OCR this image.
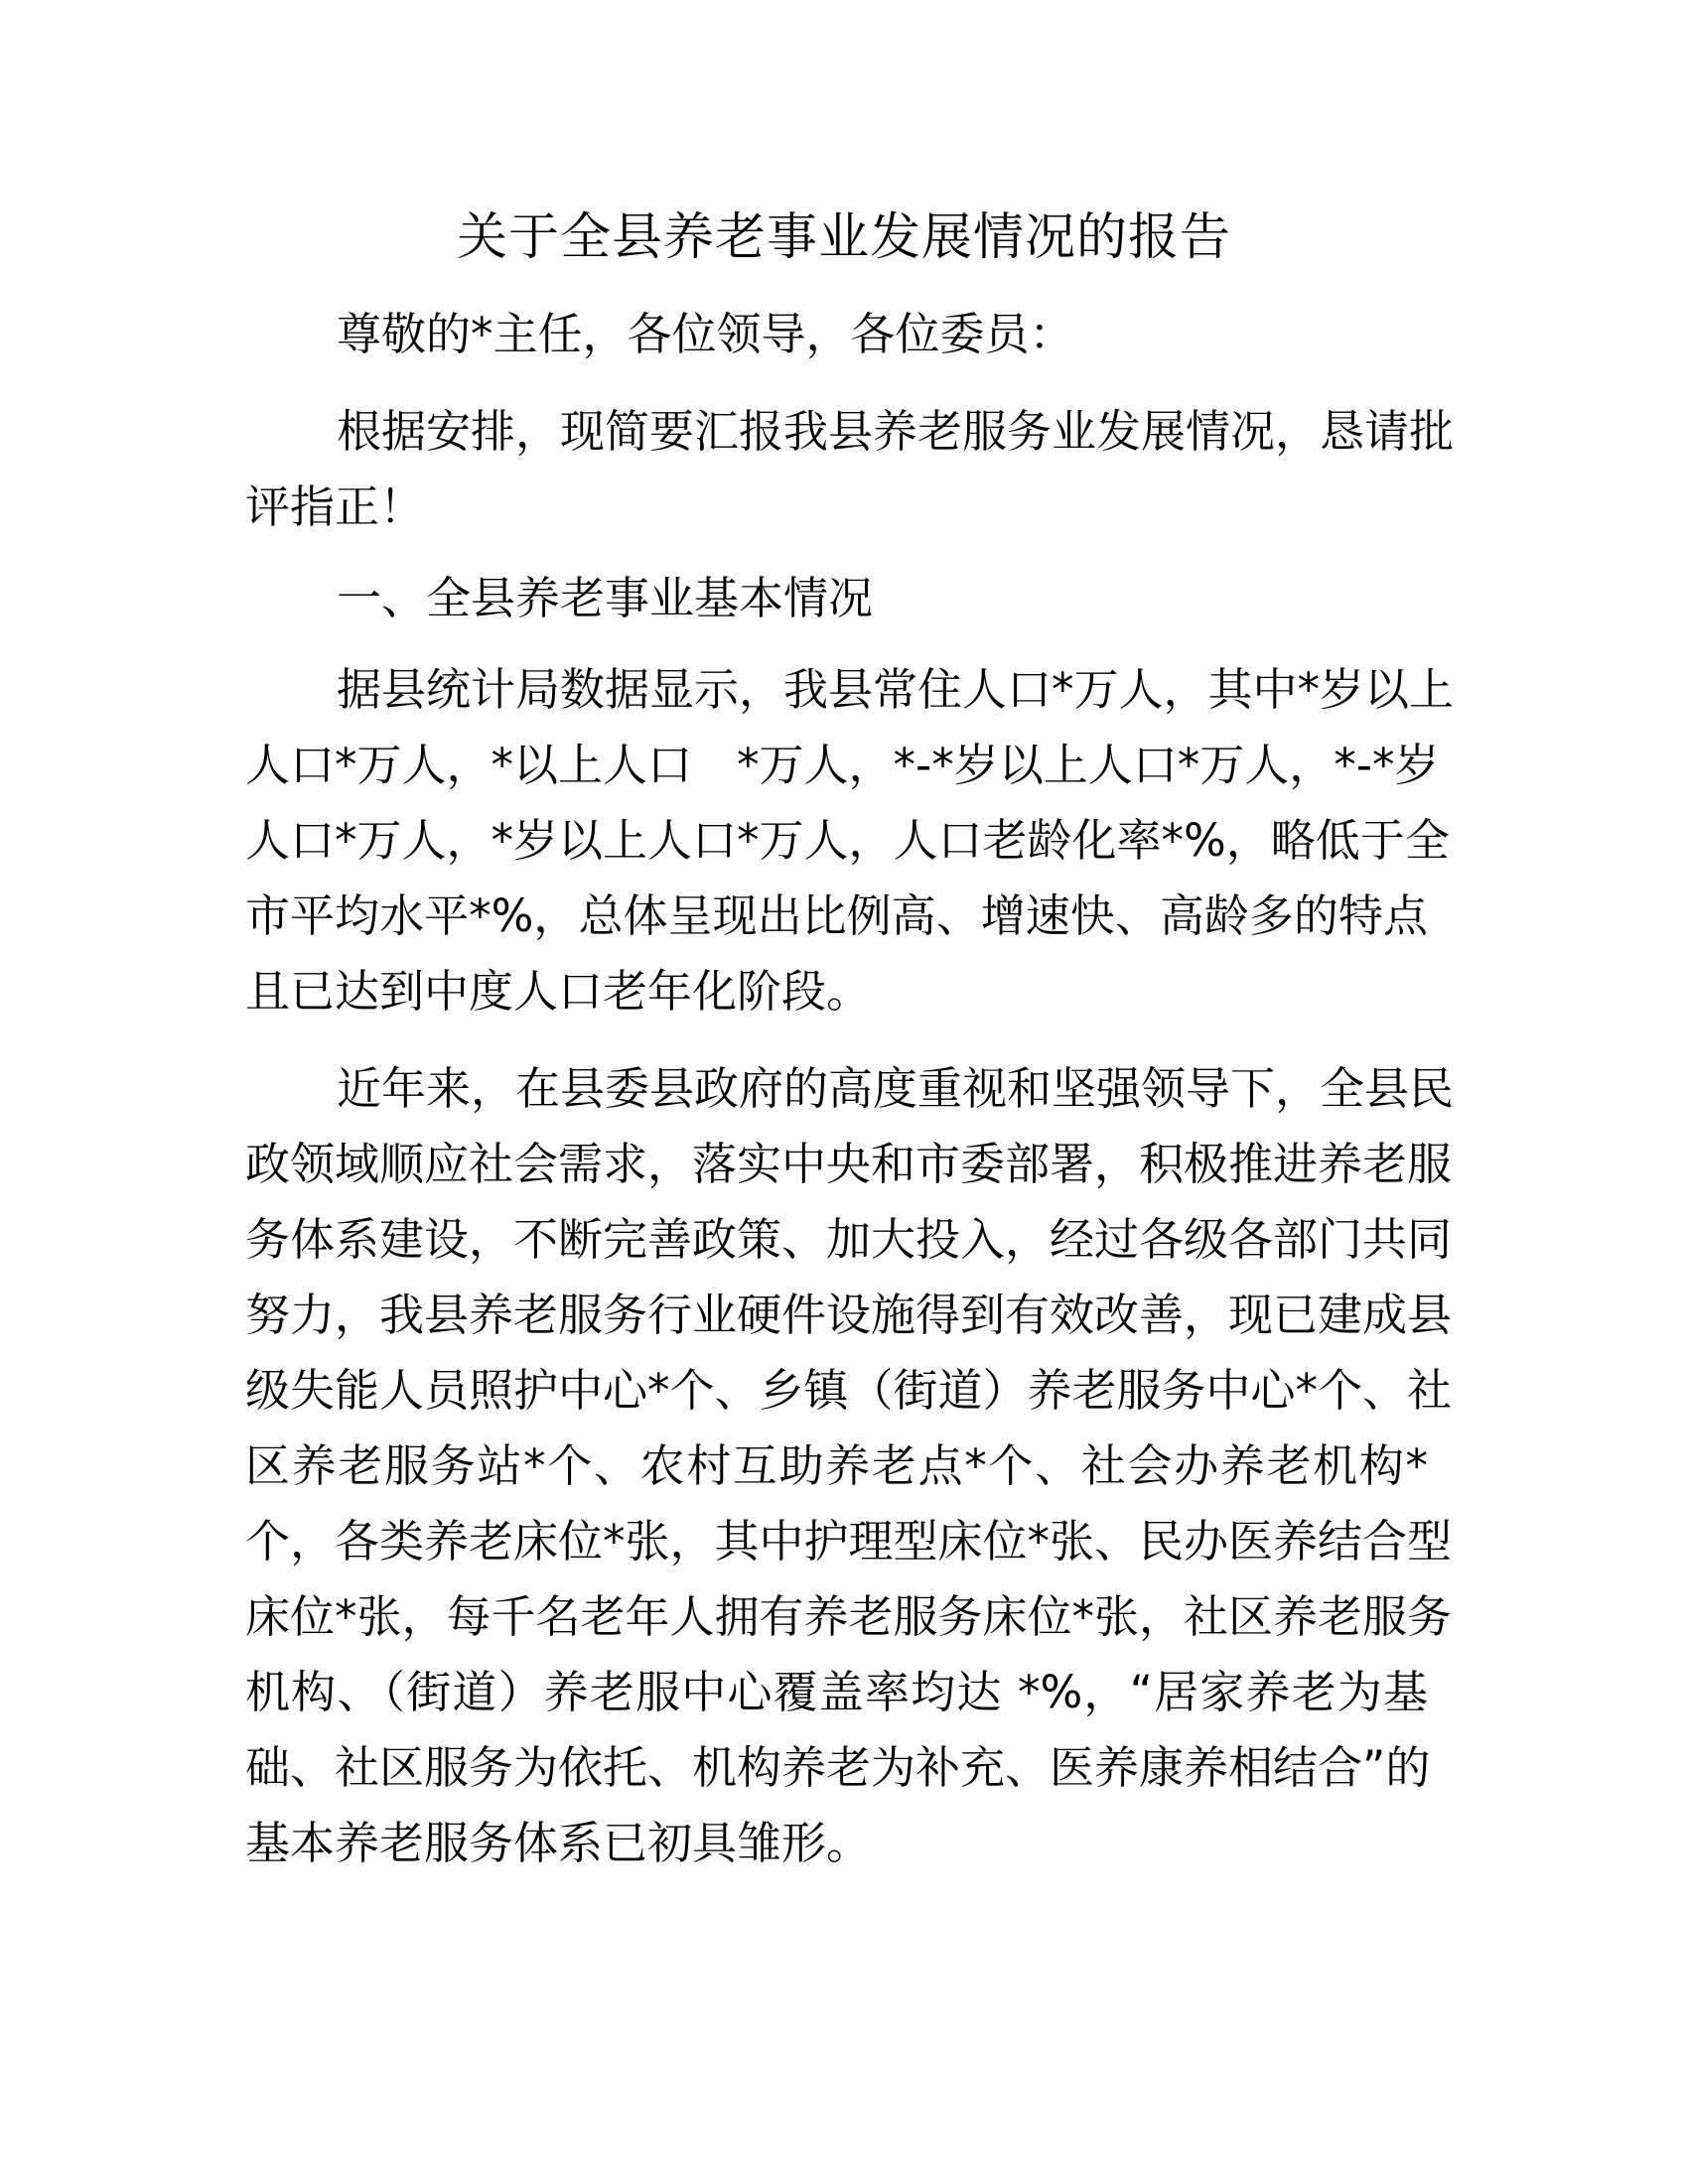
关于全县养老事业发展情况的报告
尊敬的*主任，各位领导，各位委员：
根据安排，现简要汇报我县养老服务业发展情况，恳请批
评指正！
一、全县养老事业基本情况
据县统计局数据显示，我县常住人口*万人，其中*岁以上
人口*万人，*以上人口　*万人，*-*岁以上人口*万人，*-*岁
人口*万人，*岁以上人口*万人，人口老龄化率*%，略低于全
市平均水平*%，总体呈现出比例高、增速快、高龄多的特点
且已达到中度人口老年化阶段。
近年来，在县委县政府的高度重视和坚强领导下，全县民
政领域顺应社会需求，落实中央和市委部署，积极推进养老服
务体系建设，不断完善政策、加大投入，经过各级各部门共同
努力，我县养老服务行业硬件设施得到有效改善，现已建成县
级失能人员照护中心*个、乡镇（街道）养老服务中心*个、社
区养老服务站*个、农村互助养老点*个、社会办养老机构*
个，各类养老床位*张，其中护理型床位*张、民办医养结合型
床位*张，每千名老年人拥有养老服务床位*张，社区养老服务
机构、（街道）养老服中心覆盖率均达 *%，“居家养老为基
础、社区服务为依托、机构养老为补充、医养康养相结合”的
基本养老服务体系已初具雏形。
